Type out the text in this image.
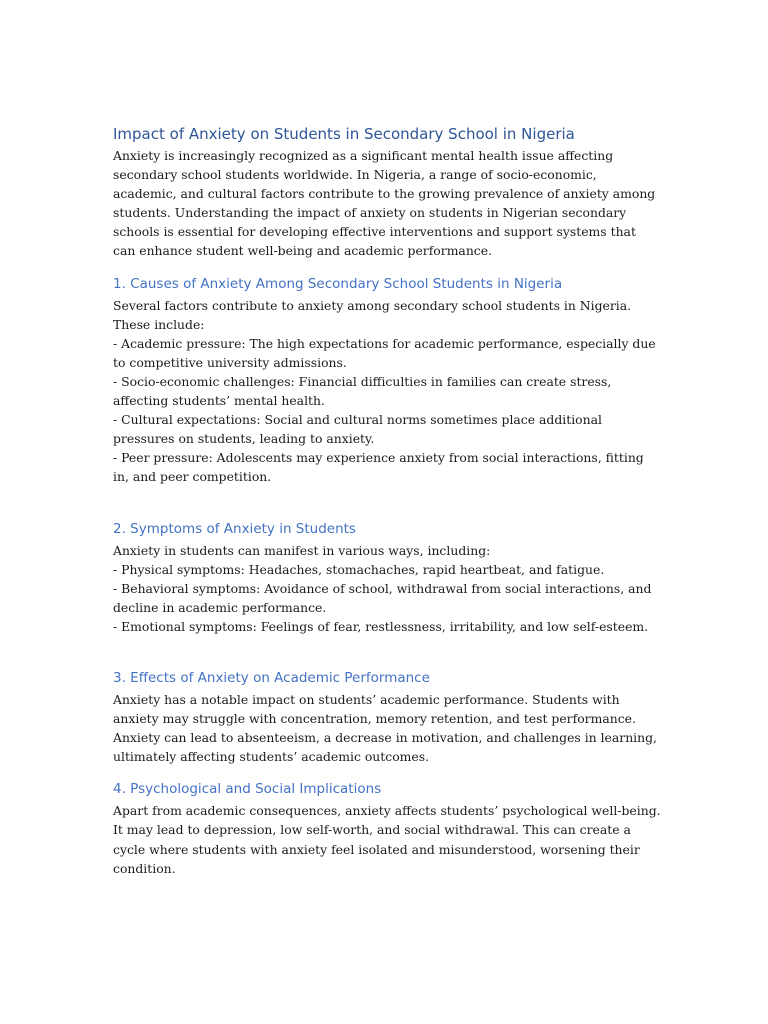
Impact of Anxiety on Students in Secondary School in Nigeria

Anxiety is increasingly recognized as a significant mental health issue affecting secondary school students worldwide. In Nigeria, a range of socio-economic, academic, and cultural factors contribute to the growing prevalence of anxiety among students. Understanding the impact of anxiety on students in Nigerian secondary schools is essential for developing effective interventions and support systems that can enhance student well-being and academic performance.

1. Causes of Anxiety Among Secondary School Students in Nigeria

Several factors contribute to anxiety among secondary school students in Nigeria. These include:

- Academic pressure: The high expectations for academic performance, especially due to competitive university admissions.
- Socio-economic challenges: Financial difficulties in families can create stress, affecting students’ mental health.
- Cultural expectations: Social and cultural norms sometimes place additional pressures on students, leading to anxiety.
- Peer pressure: Adolescents may experience anxiety from social interactions, fitting in, and peer competition.
2. Symptoms of Anxiety in Students

Anxiety in students can manifest in various ways, including:

- Physical symptoms: Headaches, stomachaches, rapid heartbeat, and fatigue.
- Behavioral symptoms: Avoidance of school, withdrawal from social interactions, and decline in academic performance.
- Emotional symptoms: Feelings of fear, restlessness, irritability, and low self-esteem.
3. Effects of Anxiety on Academic Performance

Anxiety has a notable impact on students’ academic performance. Students with anxiety may struggle with concentration, memory retention, and test performance. Anxiety can lead to absenteeism, a decrease in motivation, and challenges in learning, ultimately affecting students’ academic outcomes.

4. Psychological and Social Implications

Apart from academic consequences, anxiety affects students’ psychological well-being. It may lead to depression, low self-worth, and social withdrawal. This can create a cycle where students with anxiety feel isolated and misunderstood, worsening their condition.
